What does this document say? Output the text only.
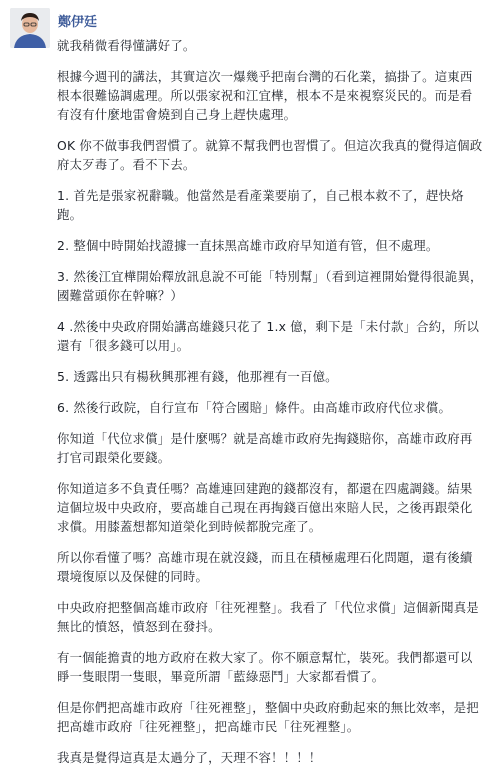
鄭伊廷

就我稍微看得懂講好了。

根據今週刊的講法，其實這次一爆幾乎把南台灣的石化業，搞掛了。這東西根本很難協調處理。所以張家祝和江宜樺，根本不是來視察災民的。而是看有沒有什麼地雷會燒到自己身上趕快處理。

OK 你不做事我們習慣了。就算不幫我們也習慣了。但這次我真的覺得這個政府太歹毒了。看不下去。

1. 首先是張家祝辭職。他當然是看產業要崩了，自己根本救不了，趕快烙跑。

2. 整個中時開始找證據一直抹黑高雄市政府早知道有管，但不處理。

3. 然後江宜樺開始釋放訊息說不可能「特別幫」（看到這裡開始覺得很詭異，國難當頭你在幹嘛？）

4 .然後中央政府開始講高雄錢只花了 1.x 億，剩下是「未付款」合約，所以還有「很多錢可以用」。

5. 透露出只有楊秋興那裡有錢，他那裡有一百億。

6. 然後行政院，自行宣布「符合國賠」條件。由高雄市政府代位求償。

你知道「代位求償」是什麼嗎？就是高雄市政府先掏錢賠你，高雄市政府再打官司跟榮化要錢。

你知道這多不負責任嗎？高雄連回建跑的錢都沒有，都還在四處調錢。結果這個垃圾中央政府，要高雄自己現在再掏錢百億出來賠人民，之後再跟榮化求償。用膝蓋想都知道榮化到時候都脫完產了。

所以你看懂了嗎？高雄市現在就沒錢，而且在積極處理石化問題，還有後續環境復原以及保健的同時。

中央政府把整個高雄市政府「往死裡整」。我看了「代位求償」這個新聞真是無比的憤怒，憤怒到在發抖。

有一個能擔責的地方政府在救大家了。你不願意幫忙，裝死。我們都還可以睜一隻眼閉一隻眼，畢竟所謂「藍綠惡鬥」大家都看慣了。

但是你們把高雄市政府「往死裡整」，整個中央政府動起來的無比效率，是把把高雄市政府「往死裡整」，把高雄市民「往死裡整」。

我真是覺得這真是太過分了，天理不容！！！！
